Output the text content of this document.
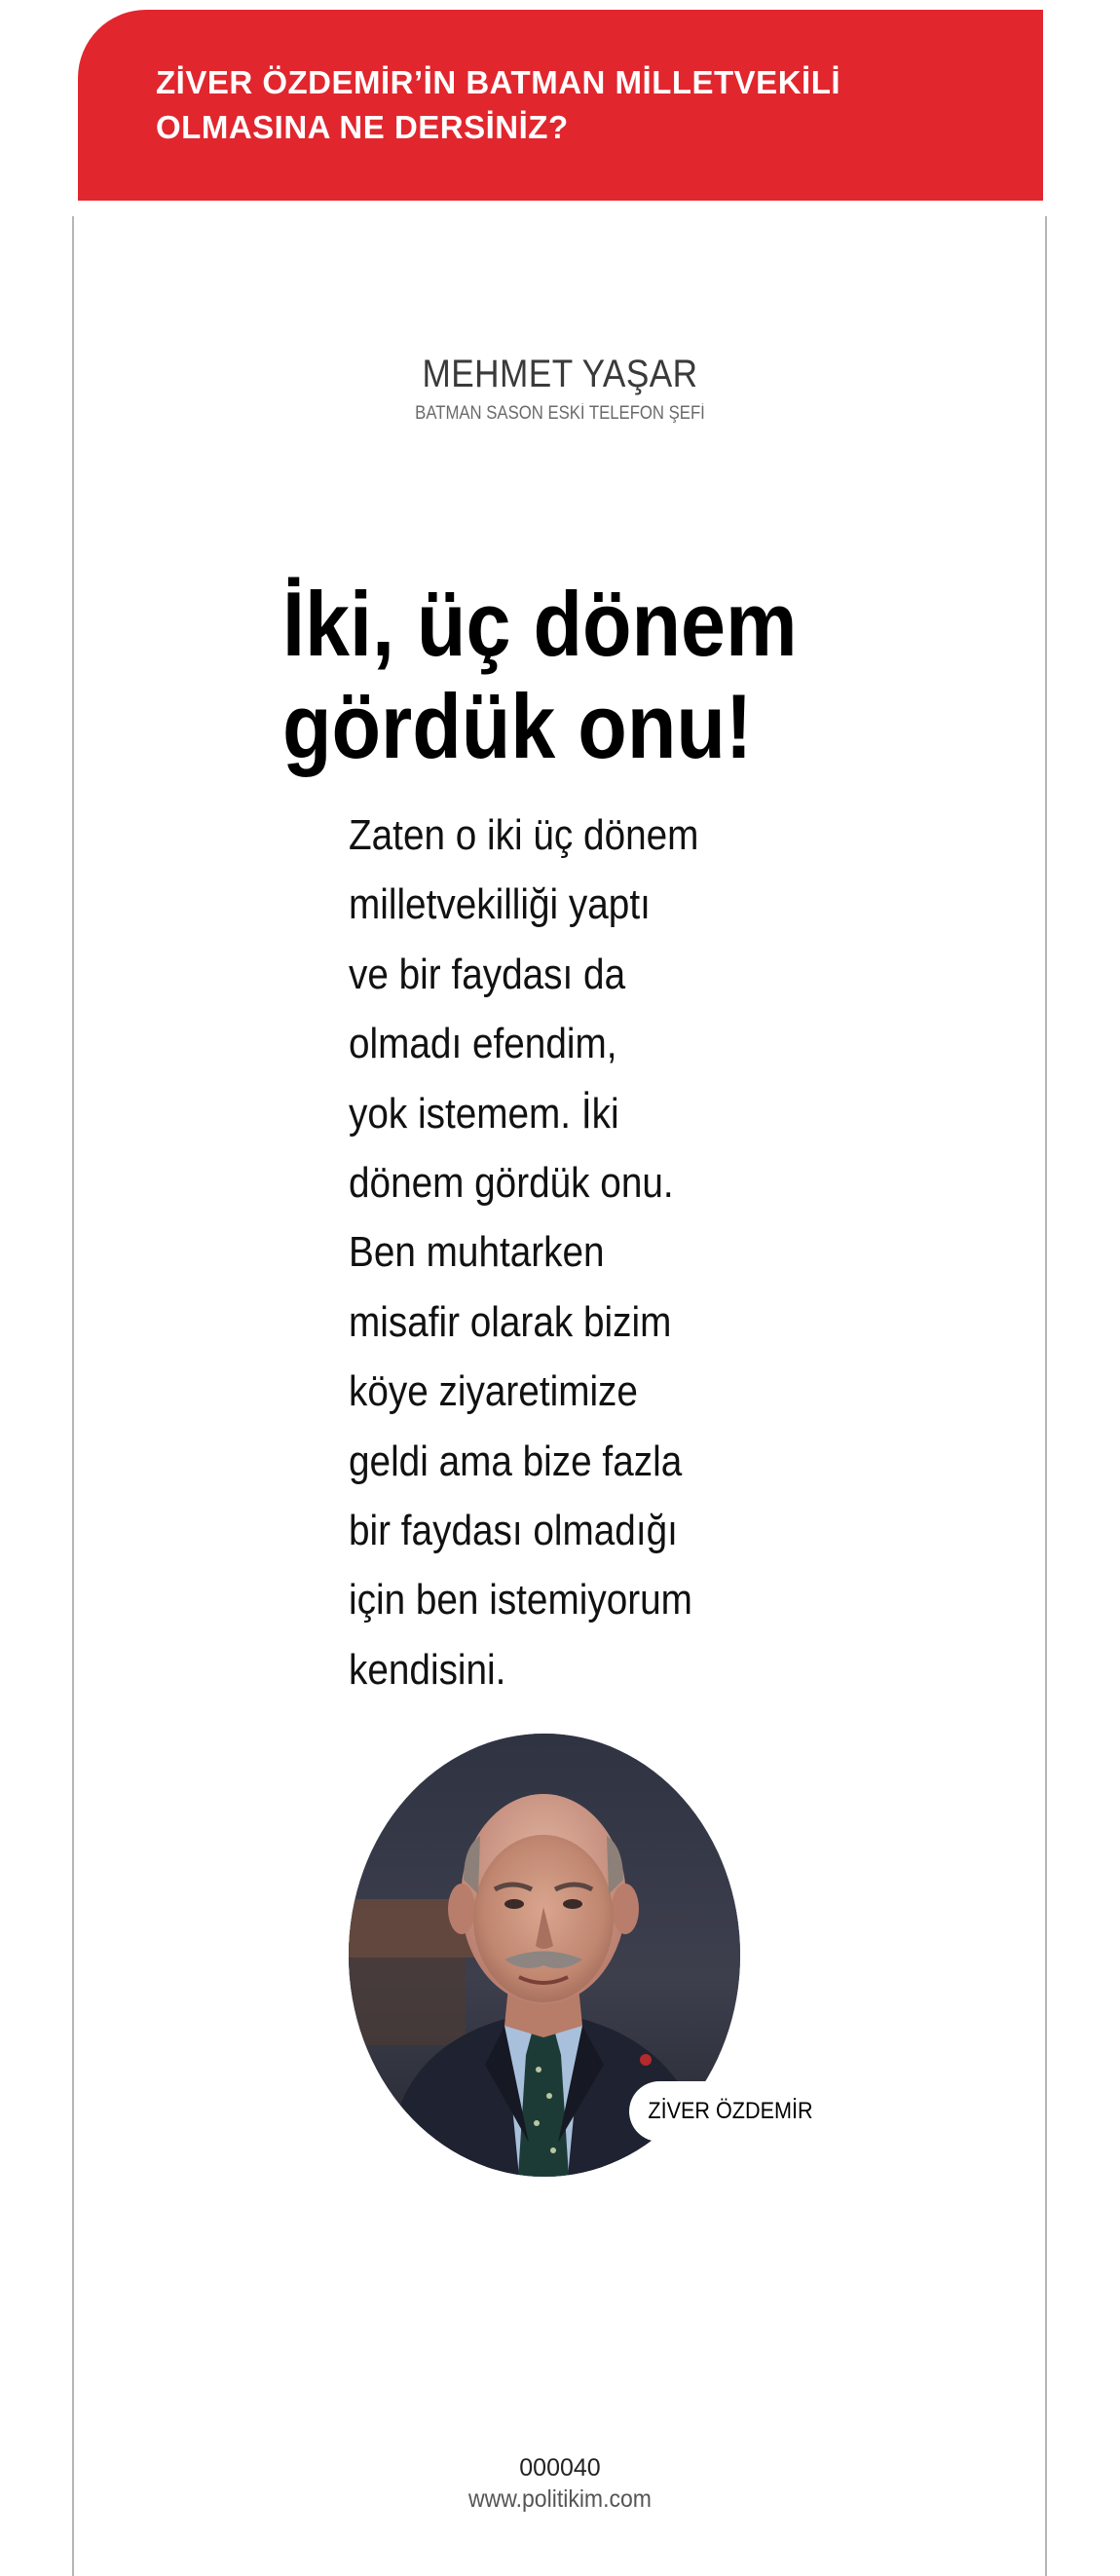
ZİVER ÖZDEMİR’İN BATMAN MİLLETVEKİLİ
OLMASINA NE DERSİNİZ?
MEHMET YAŞAR
BATMAN SASON ESKİ TELEFON ŞEFİ
İki, üç dönem
gördük onu!
Zaten o iki üç dönem
milletvekilliği yaptı
ve bir faydası da
olmadı efendim,
yok istemem. İki
dönem gördük onu.
Ben muhtarken
misafir olarak bizim
köye ziyaretimize
geldi ama bize fazla
bir faydası olmadığı
için ben istemiyorum
kendisini.
ZİVER ÖZDEMİR
000040
www.politikim.com
